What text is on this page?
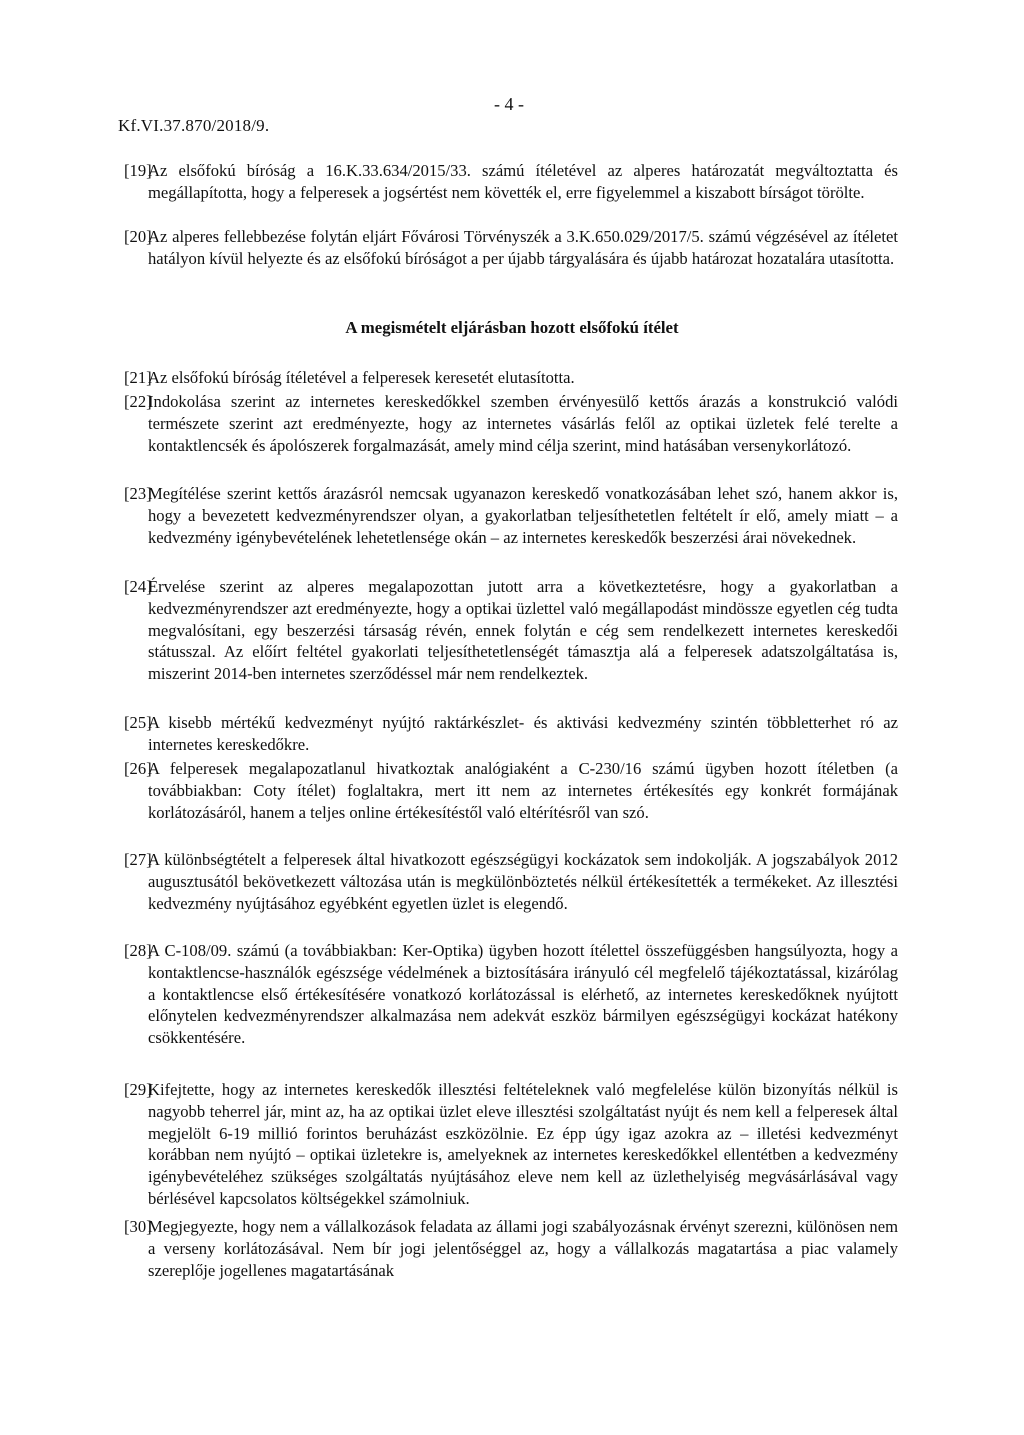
Kf.VI.37.870/2018/9.
- 4 -
[19]
Az elsőfokú bíróság a 16.K.33.634/2015/33. számú ítéletével az alperes határozatát megváltoztatta és megállapította, hogy a felperesek a jogsértést nem követték el, erre figyelemmel a kiszabott bírságot törölte.
[20]
Az alperes fellebbezése folytán eljárt Fővárosi Törvényszék a 3.K.650.029/2017/5. számú végzésével az ítéletet hatályon kívül helyezte és az elsőfokú bíróságot a per újabb tárgyalására és újabb határozat hozatalára utasította.
A megismételt eljárásban hozott elsőfokú ítélet
[21]
Az elsőfokú bíróság ítéletével a felperesek keresetét elutasította.
[22]
Indokolása szerint az internetes kereskedőkkel szemben érvényesülő kettős árazás a konstrukció valódi természete szerint azt eredményezte, hogy az internetes vásárlás felől az optikai üzletek felé terelte a kontaktlencsék és ápolószerek forgalmazását, amely mind célja szerint, mind hatásában versenykorlátozó.
[23]
Megítélése szerint kettős árazásról nemcsak ugyanazon kereskedő vonatkozásában lehet szó, hanem akkor is, hogy a bevezetett kedvezményrendszer olyan, a gyakorlatban teljesíthetetlen feltételt ír elő, amely miatt – a kedvezmény igénybevételének lehetetlensége okán – az internetes kereskedők beszerzési árai növekednek.
[24]
Érvelése szerint az alperes megalapozottan jutott arra a következtetésre, hogy a gyakorlatban a kedvezményrendszer azt eredményezte, hogy a optikai üzlettel való megállapodást mindössze egyetlen cég tudta megvalósítani, egy beszerzési társaság révén, ennek folytán e cég sem rendelkezett internetes kereskedői státusszal. Az előírt feltétel gyakorlati teljesíthetetlenségét támasztja alá a felperesek adatszolgáltatása is, miszerint 2014-ben internetes szerződéssel már nem rendelkeztek.
[25]
A kisebb mértékű kedvezményt nyújtó raktárkészlet- és aktivási kedvezmény szintén többletterhet ró az internetes kereskedőkre.
[26]
A felperesek megalapozatlanul hivatkoztak analógiaként a C-230/16 számú ügyben hozott ítéletben (a továbbiakban: Coty ítélet) foglaltakra, mert itt nem az internetes értékesítés egy konkrét formájának korlátozásáról, hanem a teljes online értékesítéstől való eltérítésről van szó.
[27]
A különbségtételt a felperesek által hivatkozott egészségügyi kockázatok sem indokolják. A jogszabályok 2012 augusztusától bekövetkezett változása után is megkülönböztetés nélkül értékesítették a termékeket. Az illesztési kedvezmény nyújtásához egyébként egyetlen üzlet is elegendő.
[28]
A C-108/09. számú (a továbbiakban: Ker-Optika) ügyben hozott ítélettel összefüggésben hangsúlyozta, hogy a kontaktlencse-használók egészsége védelmének a biztosítására irányuló cél megfelelő tájékoztatással, kizárólag a kontaktlencse első értékesítésére vonatkozó korlátozással is elérhető, az internetes kereskedőknek nyújtott előnytelen kedvezményrendszer alkalmazása nem adekvát eszköz bármilyen egészségügyi kockázat hatékony csökkentésére.
[29]
Kifejtette, hogy az internetes kereskedők illesztési feltételeknek való megfelelése külön bizonyítás nélkül is nagyobb teherrel jár, mint az, ha az optikai üzlet eleve illesztési szolgáltatást nyújt és nem kell a felperesek által megjelölt 6-19 millió forintos beruházást eszközölnie. Ez épp úgy igaz azokra az – illetési kedvezményt korábban nem nyújtó – optikai üzletekre is, amelyeknek az internetes kereskedőkkel ellentétben a kedvezmény igénybevételéhez szükséges szolgáltatás nyújtásához eleve nem kell az üzlethelyiség megvásárlásával vagy bérlésével kapcsolatos költségekkel számolniuk.
[30]
Megjegyezte, hogy nem a vállalkozások feladata az állami jogi szabályozásnak érvényt szerezni, különösen nem a verseny korlátozásával. Nem bír jogi jelentőséggel az, hogy a vállalkozás magatartása a piac valamely szereplője jogellenes magatartásának
